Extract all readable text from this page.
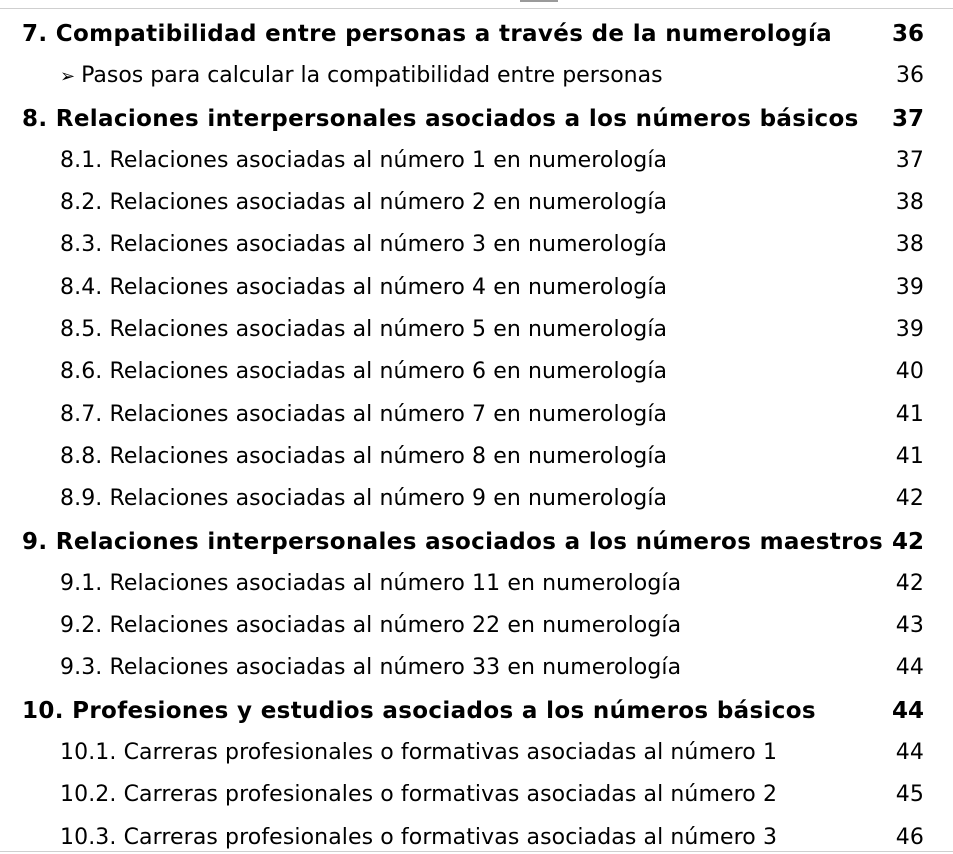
7. Compatibilidad entre personas a través de la numerología	36
➢ Pasos para calcular la compatibilidad entre personas	36
8. Relaciones interpersonales asociados a los números básicos 37
8.1. Relaciones asociadas al número 1 en numerología	37
8.2. Relaciones asociadas al número 2 en numerología	38
8.3. Relaciones asociadas al número 3 en numerología	38
8.4. Relaciones asociadas al número 4 en numerología	39
8.5. Relaciones asociadas al número 5 en numerología	39
8.6. Relaciones asociadas al número 6 en numerología	40
8.7. Relaciones asociadas al número 7 en numerología	41
8.8. Relaciones asociadas al número 8 en numerología	41
8.9. Relaciones asociadas al número 9 en numerología	42
9. Relaciones interpersonales asociados a los números maestros 42
9.1. Relaciones asociadas al número 11 en numerología	42
9.2. Relaciones asociadas al número 22 en numerología	43
9.3. Relaciones asociadas al número 33 en numerología	44
10. Profesiones y estudios asociados a los números básicos	44
10.1. Carreras profesionales o formativas asociadas al número 1	44
10.2. Carreras profesionales o formativas asociadas al número 2	45
10.3. Carreras profesionales o formativas asociadas al número 3	46
